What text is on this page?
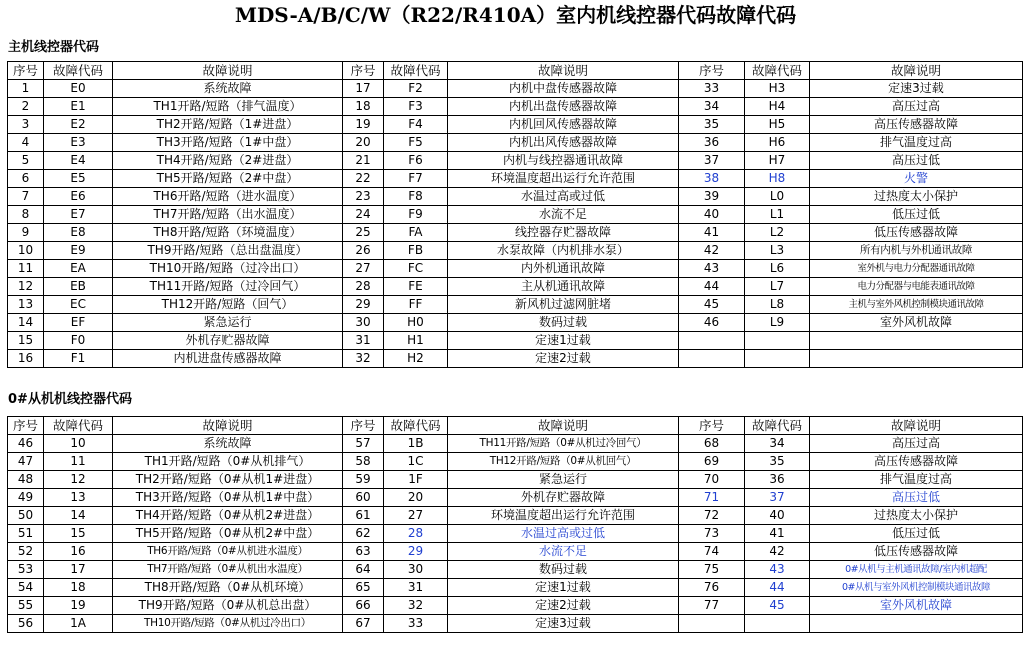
MDS-A/B/C/W（R22/R410A）室内机线控器代码故障代码
主机线控器代码
序号	故障代码	故障说明	序号	故障代码	故障说明	序号	故障代码	故障说明
1	E0	系统故障	17	F2	内机中盘传感器故障	33	H3	定速3过载
2	E1	TH1开路/短路（排气温度）	18	F3	内机出盘传感器故障	34	H4	高压过高
3	E2	TH2开路/短路（1#进盘）	19	F4	内机回风传感器故障	35	H5	高压传感器故障
4	E3	TH3开路/短路（1#中盘）	20	F5	内机出风传感器故障	36	H6	排气温度过高
5	E4	TH4开路/短路（2#进盘）	21	F6	内机与线控器通讯故障	37	H7	高压过低
6	E5	TH5开路/短路（2#中盘）	22	F7	环境温度超出运行允许范围	38	H8	火警
7	E6	TH6开路/短路（进水温度）	23	F8	水温过高或过低	39	L0	过热度太小保护
8	E7	TH7开路/短路（出水温度）	24	F9	水流不足	40	L1	低压过低
9	E8	TH8开路/短路（环境温度）	25	FA	线控器存贮器故障	41	L2	低压传感器故障
10	E9	TH9开路/短路（总出盘温度）	26	FB	水泵故障（内机排水泵）	42	L3	所有内机与外机通讯故障
11	EA	TH10开路/短路（过冷出口）	27	FC	内外机通讯故障	43	L6	室外机与电力分配器通讯故障
12	EB	TH11开路/短路（过冷回气）	28	FE	主从机通讯故障	44	L7	电力分配器与电能表通讯故障
13	EC	TH12开路/短路（回气）	29	FF	新风机过滤网脏堵	45	L8	主机与室外风机控制模块通讯故障
14	EF	紧急运行	30	H0	数码过载	46	L9	室外风机故障
15	F0	外机存贮器故障	31	H1	定速1过载			
16	F1	内机进盘传感器故障	32	H2	定速2过载			
0#从机机线控器代码
序号	故障代码	故障说明	序号	故障代码	故障说明	序号	故障代码	故障说明
46	10	系统故障	57	1B	TH11开路/短路（0#从机过冷回气）	68	34	高压过高
47	11	TH1开路/短路（0#从机排气）	58	1C	TH12开路/短路（0#从机回气）	69	35	高压传感器故障
48	12	TH2开路/短路（0#从机1#进盘）	59	1F	紧急运行	70	36	排气温度过高
49	13	TH3开路/短路（0#从机1#中盘）	60	20	外机存贮器故障	71	37	高压过低
50	14	TH4开路/短路（0#从机2#进盘）	61	27	环境温度超出运行允许范围	72	40	过热度太小保护
51	15	TH5开路/短路（0#从机2#中盘）	62	28	水温过高或过低	73	41	低压过低
52	16	TH6开路/短路（0#从机进水温度）	63	29	水流不足	74	42	低压传感器故障
53	17	TH7开路/短路（0#从机出水温度）	64	30	数码过载	75	43	0#从机与主机通讯故障/室内机超配
54	18	TH8开路/短路（0#从机环境）	65	31	定速1过载	76	44	0#从机与室外风机控制模块通讯故障
55	19	TH9开路/短路（0#从机总出盘）	66	32	定速2过载	77	45	室外风机故障
56	1A	TH10开路/短路（0#从机过冷出口）	67	33	定速3过载			
